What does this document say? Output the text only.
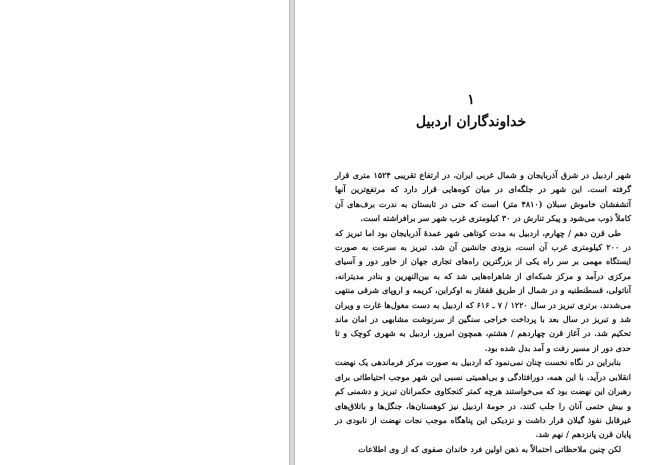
۱
خداوندگاران اردبیل

شهر اردبیل در شرق آذربایجان و شمال غربی ایران، در ارتفاع تقریبی ۱۵۲۴ متری قرار گرفته است. این شهر در جلگه‌ای در میان کوه‌هایی قرار دارد که مرتفع‌ترین آنها آتشفشان خاموش سبلان (۴۸۱۰ متر) است که حتی در تابستان به ندرت برف‌های آن کاملاً ذوب می‌شود و پیکر تنارش در ۳۰ کیلومتری غرب شهر سر برافراشته است.

طی قرن دهم / چهارم، اردبیل به مدت کوتاهی شهر عمدهٔ آذربایجان بود اما تبریز که در ۲۰۰ کیلومتری غرب آن است، بزودی جانشین آن شد. تبریز به سرعت به صورت ایستگاه مهمی بر سر راه یکی از بزرگترین راه‌های تجاری جهان از خاور دور و آسیای مرکزی درآمد و مرکز شبکه‌ای از شاهراه‌هایی شد که به بین‌النهرین و بنادر مدیترانه، آناتولی، قسطنطنیه و در شمال از طریق قفقاز به اوکراین، کریمه و اروپای شرقی منتهی می‌شدند. برتری تبریز در سال ۱۲۲۰ / ۷ ـ ۶۱۶ که اردبیل به دست مغول‌ها غارت و ویران شد و تبریز در سال بعد با پرداخت خراجی سنگین از سرنوشت مشابهی در امان ماند تحکیم شد. در آغاز قرن چهاردهم / هشتم، همچون امروز، اردبیل به شهری کوچک و تا حدی دور از مسیر رفت و آمد بدل شده بود.

بنابراین در نگاه نخست چنان نمی‌نمود که اردبیل به صورت مرکز فرماندهی یک نهضت انقلابی درآید. با این همه، دورافتادگی و بی‌اهمیتی نسبی این شهر موجب احتیاطاتی برای رهبران این نهضت بود که می‌خواستند هرچه کمتر کنجکاوی حکمرانان تبریز و دشمنی کم و بیش حتمی آنان را جلب کنند. در حومهٔ اردبیل نیز کوهستان‌ها، جنگل‌ها و باتلاق‌های غیرقابل نفوذ گیلان قرار داشت و نزدیکی این پناهگاه موجب نجات نهضت از نابودی در پایان قرن پانزدهم / نهم شد.

لکن چنین ملاحظاتی احتمالاً به ذهن اولین فرد خاندان صفوی که از وی اطلاعات
